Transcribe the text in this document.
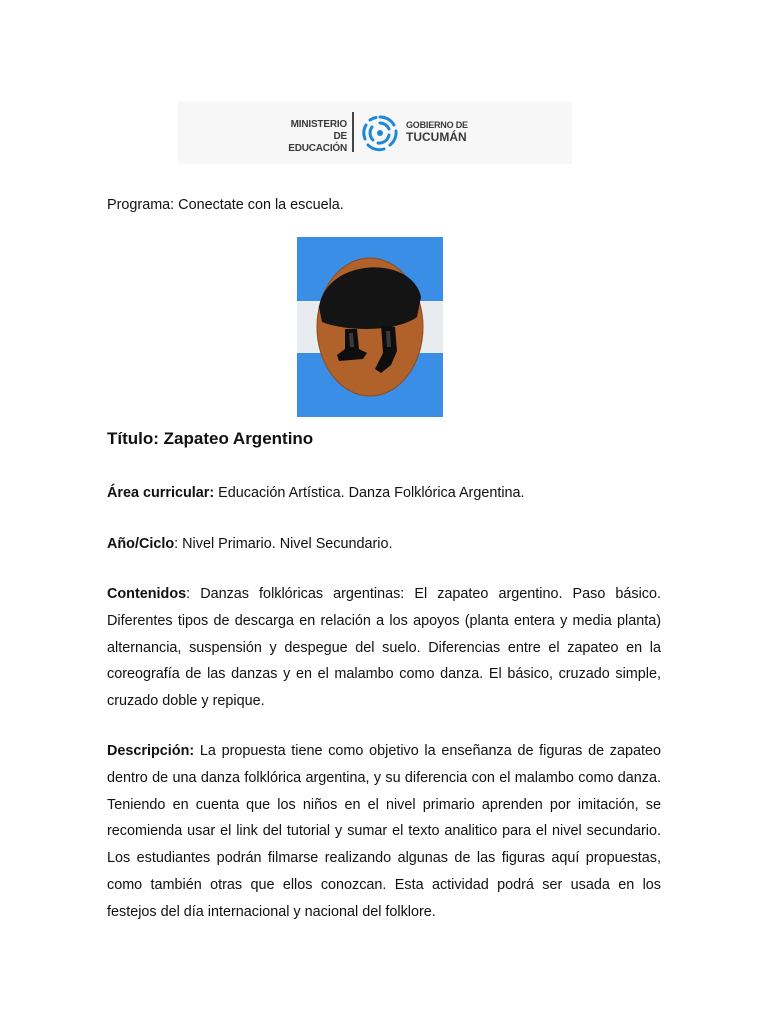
MINISTERIO DE
EDUCACIÓN
GOBIERNO DE
TUCUMÁN
Programa: Conectate con la escuela.
Título: Zapateo Argentino
Área curricular: Educación Artística. Danza Folklórica Argentina.
Año/Ciclo: Nivel Primario. Nivel Secundario.
Contenidos: Danzas folklóricas argentinas: El zapateo argentino. Paso básico. Diferentes tipos de descarga en relación a los apoyos (planta entera y media planta) alternancia, suspensión y despegue del suelo. Diferencias entre el zapateo en la coreografía de las danzas y en el malambo como danza. El básico, cruzado simple, cruzado doble y repique.
Descripción: La propuesta tiene como objetivo la enseñanza de figuras de zapateo dentro de una danza folklórica argentina, y su diferencia con el malambo como danza. Teniendo en cuenta que los niños en el nivel primario aprenden por imitación, se recomienda usar el link del tutorial y sumar el texto analitico para el nivel secundario. Los estudiantes podrán filmarse realizando algunas de las figuras aquí propuestas, como también otras que ellos conozcan. Esta actividad podrá ser usada en los festejos del día internacional y nacional del folklore.
